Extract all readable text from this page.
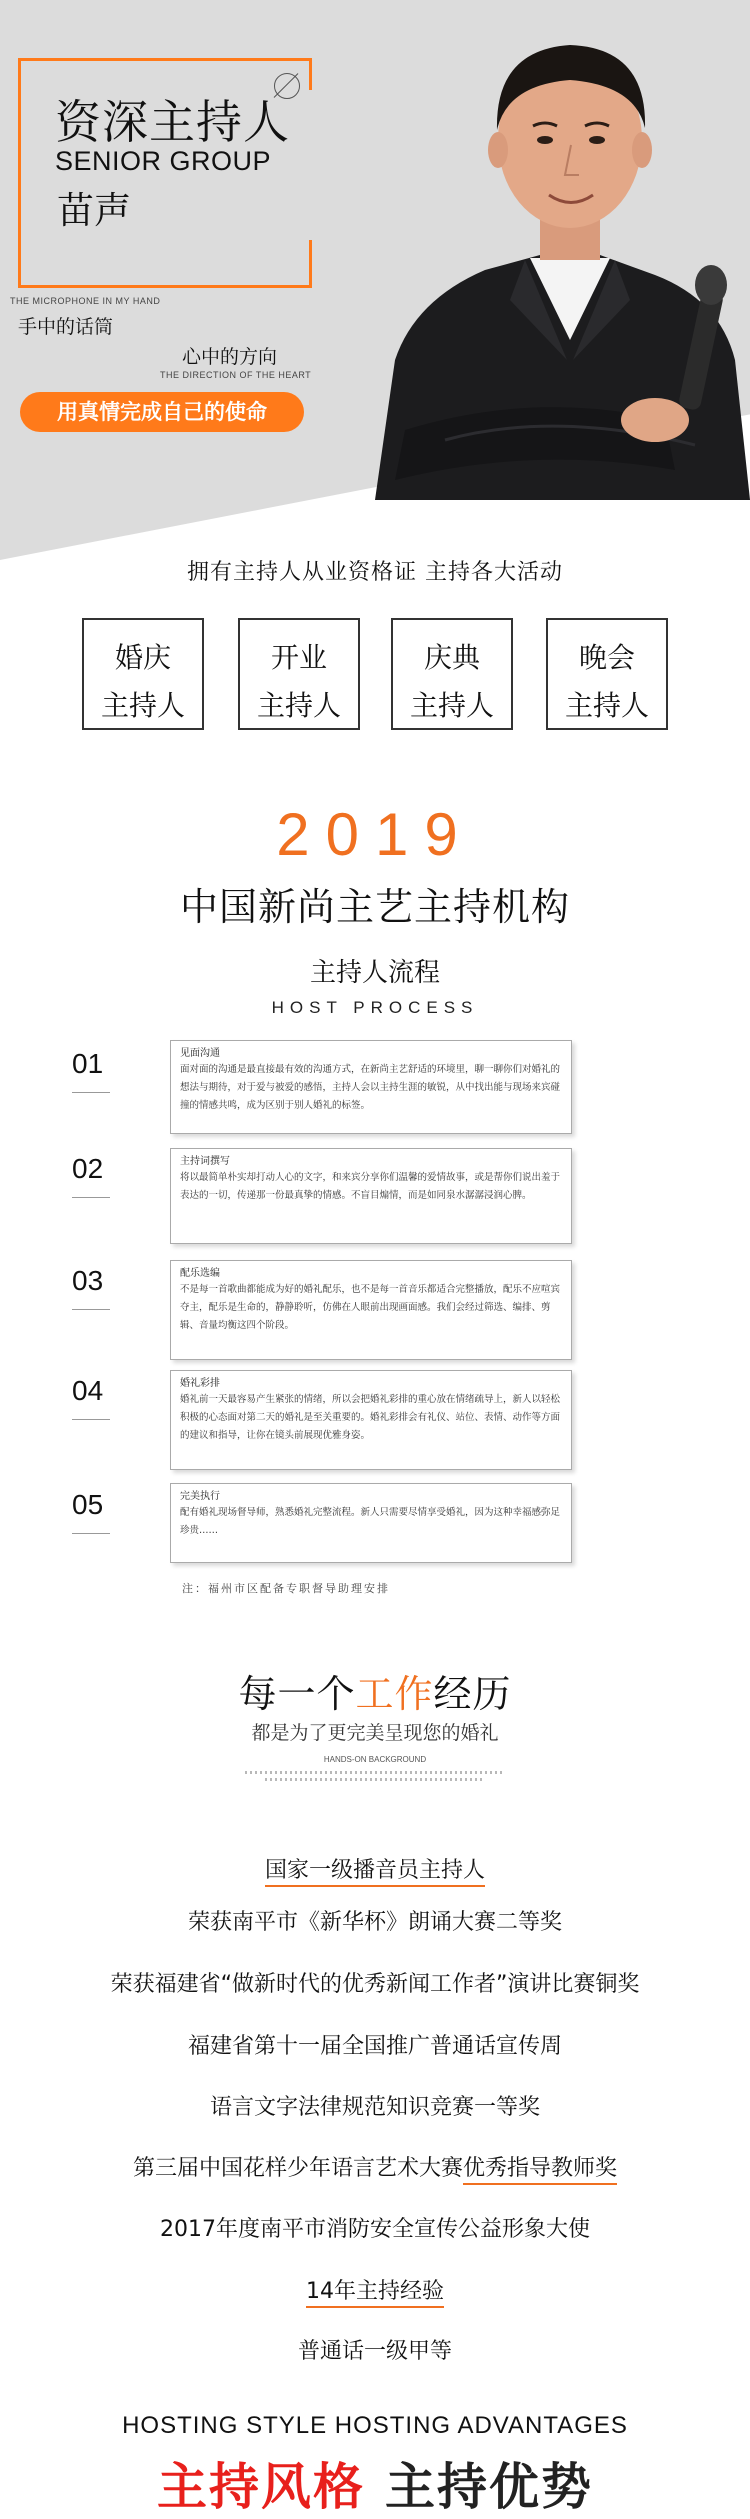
资深主持人
SENIOR GROUP
苗声
THE MICROPHONE IN MY HAND
手中的话筒
心中的方向
THE DIRECTION OF THE HEART
用真情完成自己的使命
拥有主持人从业资格证 主持各大活动
婚庆
主持人
开业
主持人
庆典
主持人
晚会
主持人
2019
中国新尚主艺主持机构
主持人流程
HOST PROCESS
01	见面沟通
面对面的沟通是最直接最有效的沟通方式，在新尚主艺舒适的环境里，聊一聊你们对婚礼的想法与期待，对于爱与被爱的感悟，主持人会以主持生涯的敏锐，从中找出能与现场来宾碰撞的情感共鸣，成为区别于别人婚礼的标签。
02	主持词撰写
将以最简单朴实却打动人心的文字，和来宾分享你们温馨的爱情故事，或是帮你们说出羞于表达的一切，传递那一份最真挚的情感。不盲目煽情，而是如同泉水潺潺浸润心脾。
03	配乐选编
不是每一首歌曲都能成为好的婚礼配乐，也不是每一首音乐都适合完整播放，配乐不应喧宾夺主，配乐是生命的，静静聆听，仿佛在人眼前出现画面感。我们会经过筛选、编排、剪辑、音量均衡这四个阶段。
04	婚礼彩排
婚礼前一天最容易产生紧张的情绪，所以会把婚礼彩排的重心放在情绪疏导上，新人以轻松积极的心态面对第二天的婚礼是至关重要的。婚礼彩排会有礼仪、站位、表情、动作等方面的建议和指导，让你在镜头前展现优雅身姿。
05	完美执行
配有婚礼现场督导师，熟悉婚礼完整流程。新人只需要尽情享受婚礼，因为这种幸福感弥足珍贵……
注：福州市区配备专职督导助理安排
每一个工作经历
都是为了更完美呈现您的婚礼
HANDS-ON BACKGROUND
国家一级播音员主持人
荣获南平市《新华杯》朗诵大赛二等奖
荣获福建省“做新时代的优秀新闻工作者”演讲比赛铜奖
福建省第十一届全国推广普通话宣传周
语言文字法律规范知识竞赛一等奖
第三届中国花样少年语言艺术大赛优秀指导教师奖
2017年度南平市消防安全宣传公益形象大使
14年主持经验
普通话一级甲等
HOSTING STYLE HOSTING ADVANTAGES
主持风格 主持优势
